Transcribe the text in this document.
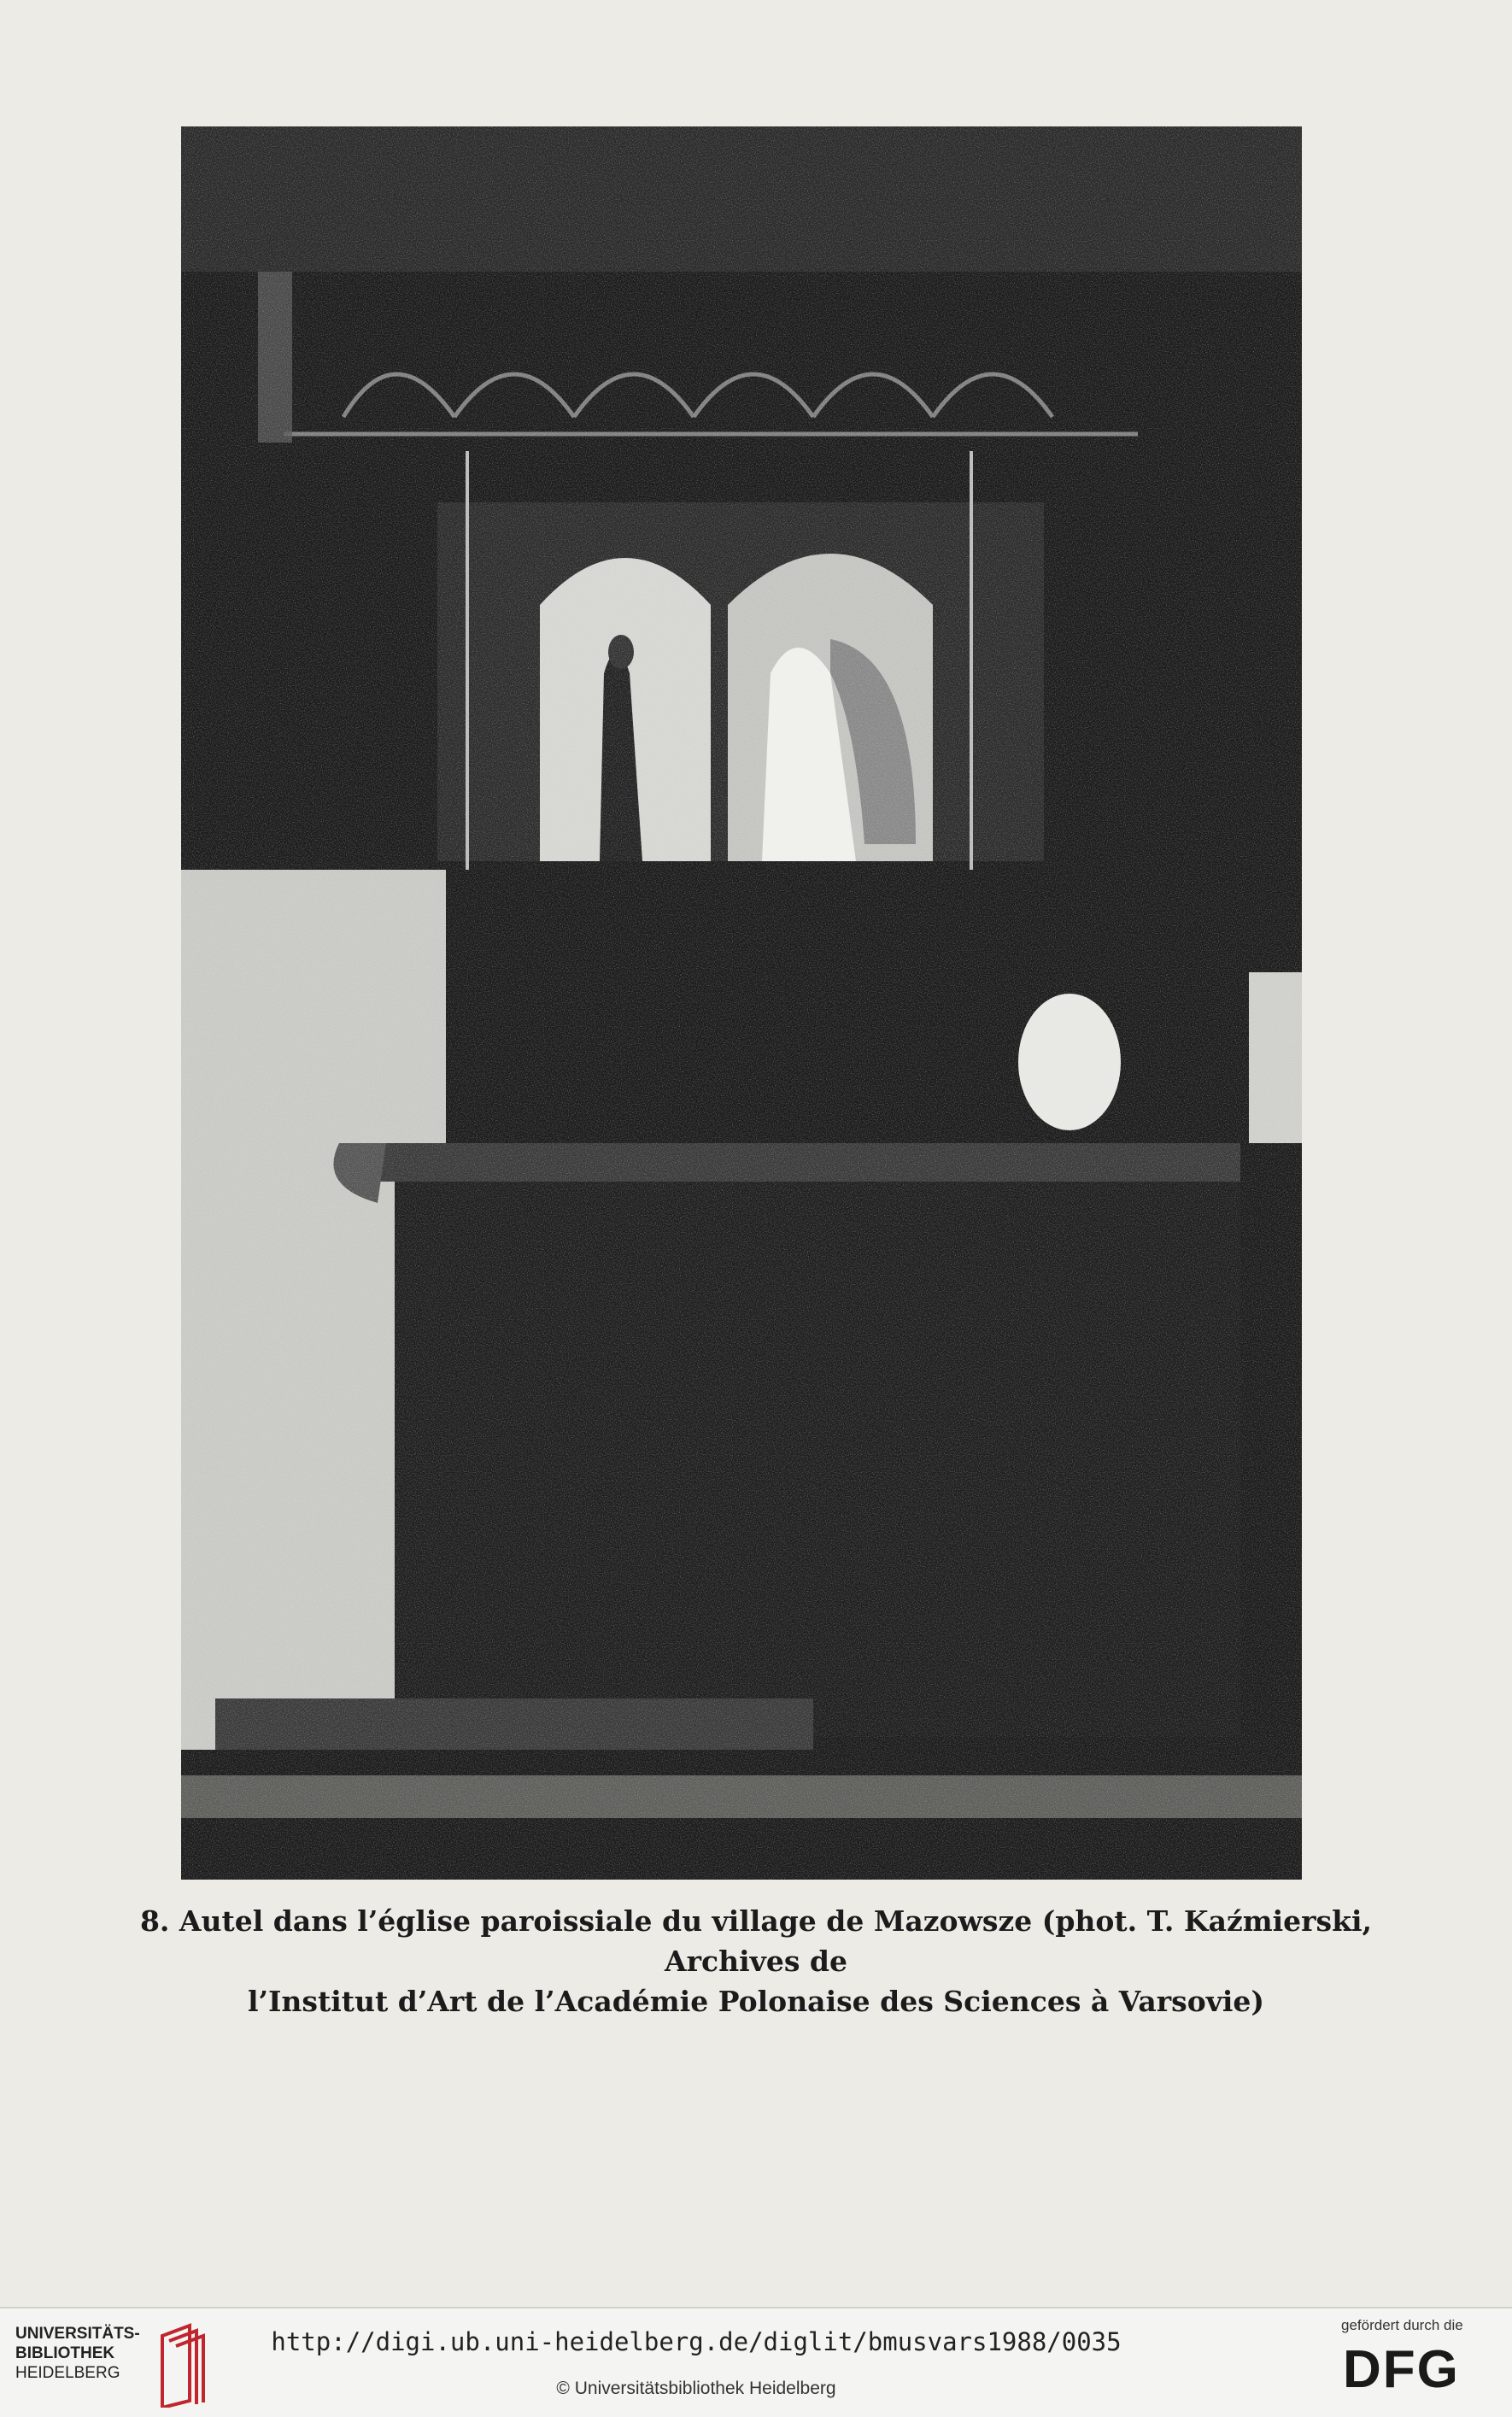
8. Autel dans l’église paroissiale du village de Mazowsze (phot. T. Kaźmierski, Archives de
l’Institut d’Art de l’Académie Polonaise des Sciences à Varsovie)
UNIVERSITÄTS-
BIBLIOTHEK
HEIDELBERG
http://digi.ub.uni-heidelberg.de/diglit/bmusvars1988/0035
© Universitätsbibliothek Heidelberg
gefördert durch die
DFG
